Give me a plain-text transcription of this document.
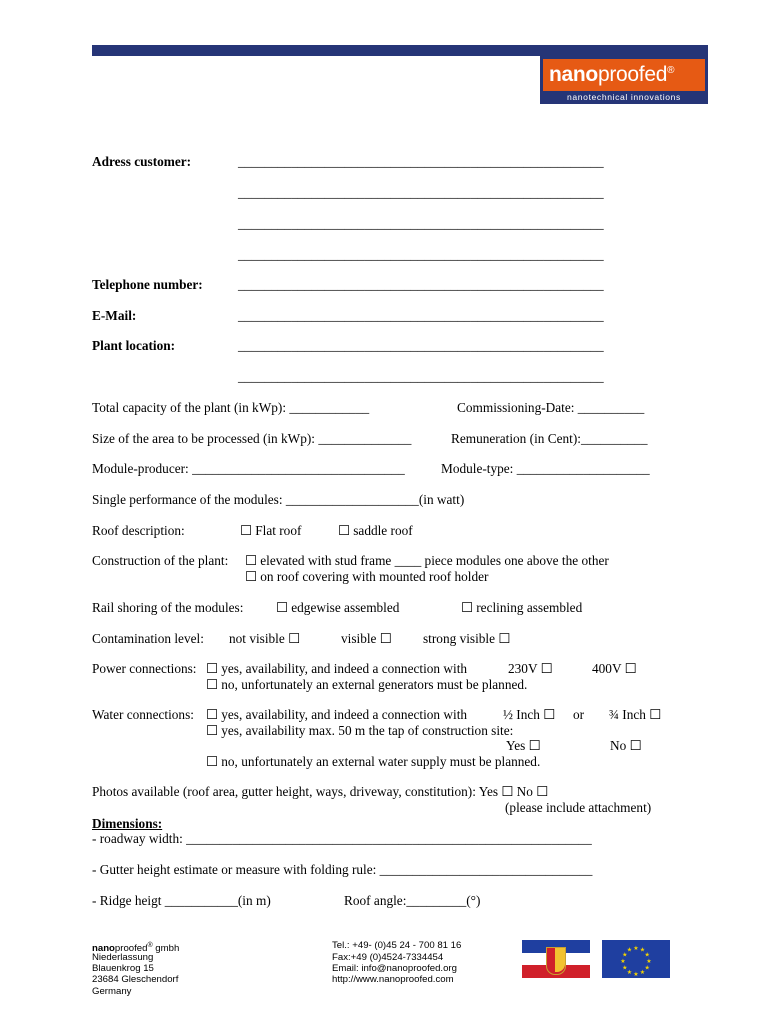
nanoproofed®
nanotechnical innovations
Adress customer:	_______________________________________________________
_______________________________________________________
_______________________________________________________
_______________________________________________________
Telephone number:	_______________________________________________________
E-Mail:	_______________________________________________________
Plant location:	_______________________________________________________
_______________________________________________________
Total capacity of the plant (in kWp): ____________	Commissioning-Date: __________
Size of the area to be processed (in kWp): ______________	Remuneration (in Cent):__________
Module-producer: ________________________________	Module-type: ____________________
Single performance of the modules: ____________________(in watt)
Roof description:	☐ Flat roof	☐ saddle roof
Construction of the plant: ☐ elevated with stud frame ____ piece modules one above the other
☐ on roof covering with mounted roof holder
Rail shoring of the modules: ☐ edgewise assembled	☐ reclining assembled
Contamination level: not visible ☐	visible ☐ strong visible ☐
Power connections: ☐ yes, availability, and indeed a connection with	230V ☐	400V ☐
☐ no, unfortunately an external generators must be planned.
Water connections: ☐ yes, availability, and indeed a connection with	½ Inch ☐ or ¾ Inch ☐
☐ yes, availability max. 50 m the tap of construction site:
Yes ☐	No ☐
☐ no, unfortunately an external water supply must be planned.
Photos available (roof area, gutter height, ways, driveway, constitution): Yes ☐ No ☐
(please include attachment)
Dimensions:
- roadway width: _____________________________________________________________
- Gutter height estimate or measure with folding rule: ________________________________
- Ridge heigt ___________(in m)	Roof angle:_________(°)
nanoproofed® gmbh
Niederlassung
Blauenkrog 15
23684 Gleschendorf
Germany
Tel.: +49- (0)45 24 - 700 81 16
Fax:+49 (0)4524-7334454
Email: info@nanoproofed.org
http://www.nanoproofed.com
★ ★
★
★
★
★
★
★
★
★
★
★
